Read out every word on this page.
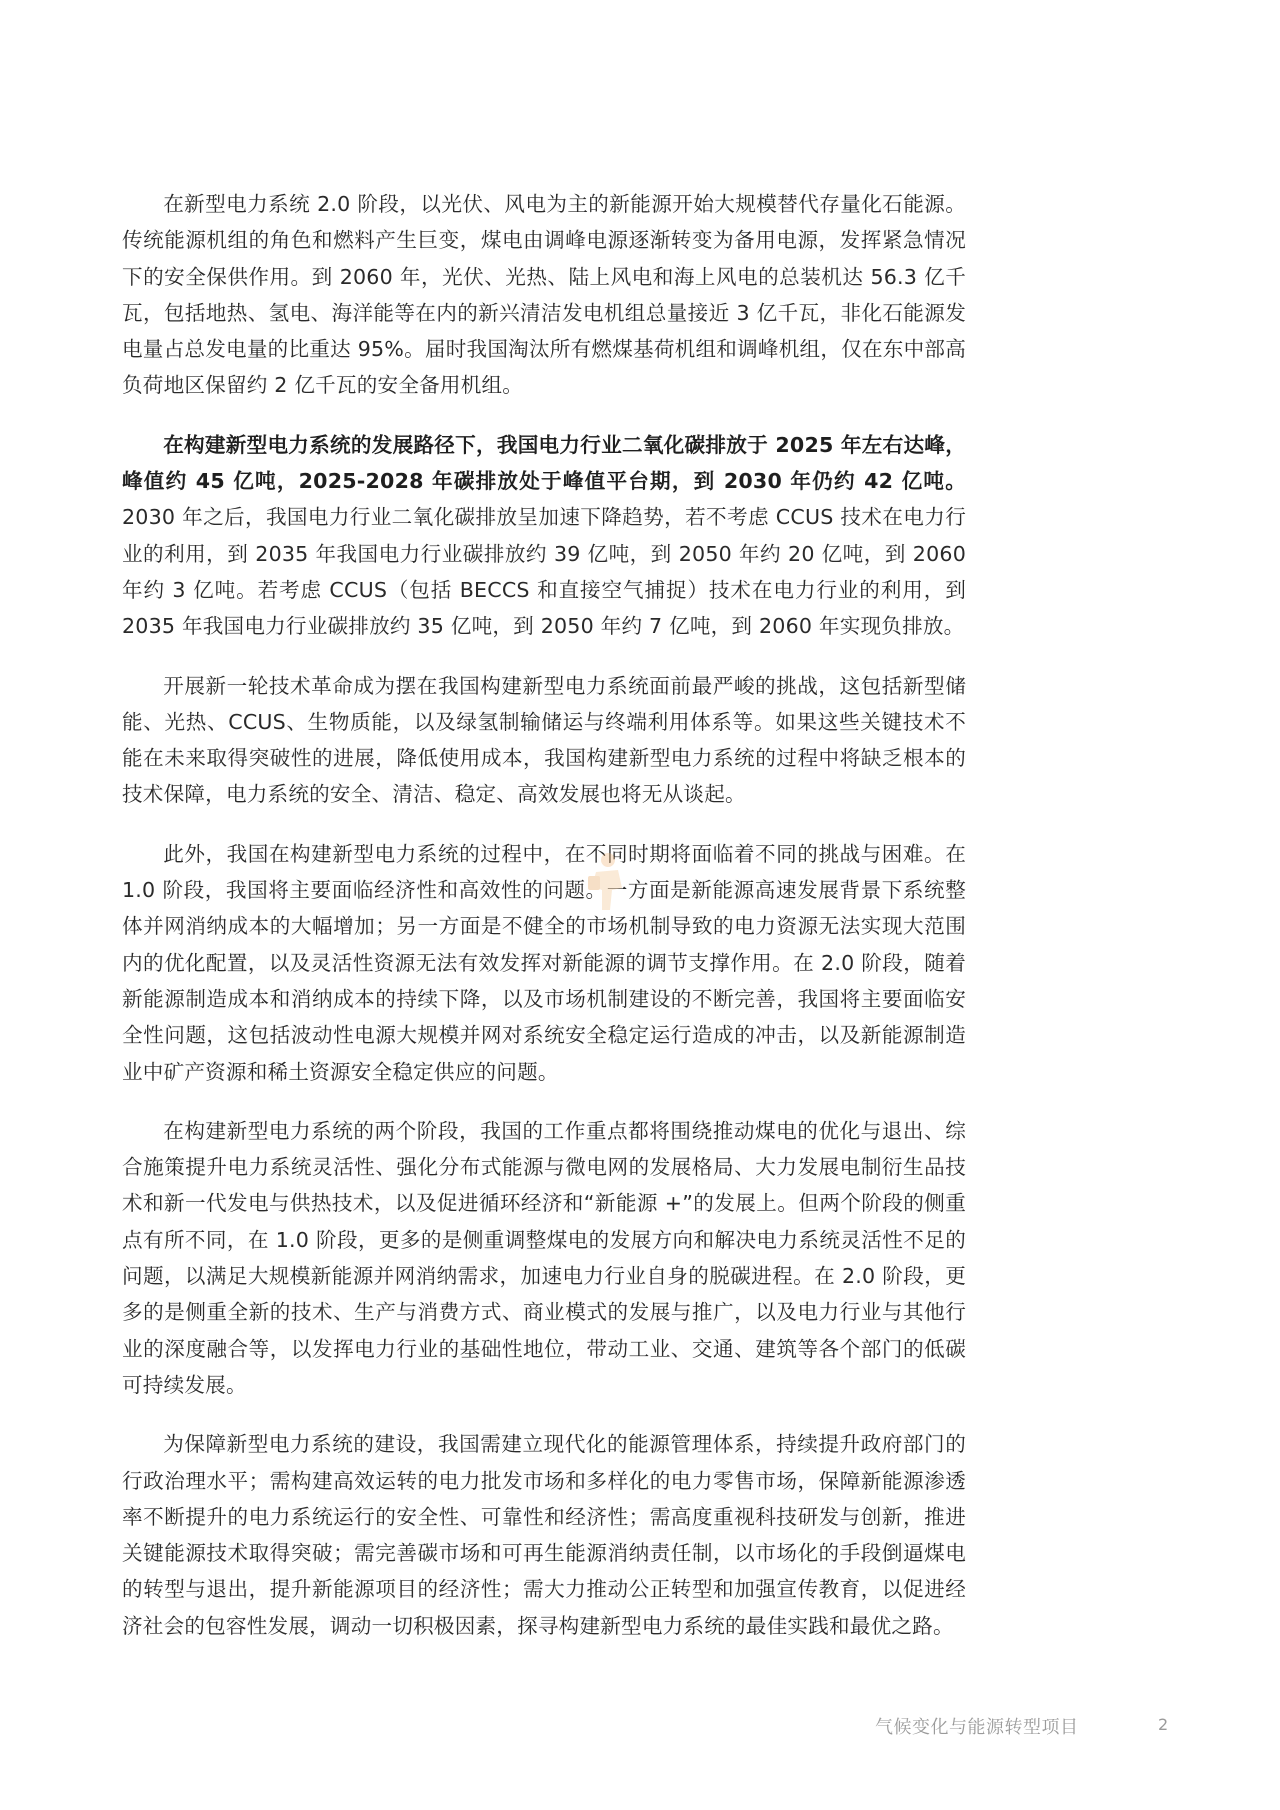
在新型电力系统 2.0 阶段，以光伏、风电为主的新能源开始大规模替代存量化石能源。传统能源机组的角色和燃料产生巨变，煤电由调峰电源逐渐转变为备用电源，发挥紧急情况下的安全保供作用。到 2060 年，光伏、光热、陆上风电和海上风电的总装机达 56.3 亿千瓦，包括地热、氢电、海洋能等在内的新兴清洁发电机组总量接近 3 亿千瓦，非化石能源发电量占总发电量的比重达 95%。届时我国淘汰所有燃煤基荷机组和调峰机组，仅在东中部高负荷地区保留约 2 亿千瓦的安全备用机组。

在构建新型电力系统的发展路径下，我国电力行业二氧化碳排放于 2025 年左右达峰，峰值约 45 亿吨，2025-2028 年碳排放处于峰值平台期，到 2030 年仍约 42 亿吨。2030 年之后，我国电力行业二氧化碳排放呈加速下降趋势，若不考虑 CCUS 技术在电力行业的利用，到 2035 年我国电力行业碳排放约 39 亿吨，到 2050 年约 20 亿吨，到 2060 年约 3 亿吨。若考虑 CCUS（包括 BECCS 和直接空气捕捉）技术在电力行业的利用，到 2035 年我国电力行业碳排放约 35 亿吨，到 2050 年约 7 亿吨，到 2060 年实现负排放。

开展新一轮技术革命成为摆在我国构建新型电力系统面前最严峻的挑战，这包括新型储能、光热、CCUS、生物质能，以及绿氢制输储运与终端利用体系等。如果这些关键技术不能在未来取得突破性的进展，降低使用成本，我国构建新型电力系统的过程中将缺乏根本的技术保障，电力系统的安全、清洁、稳定、高效发展也将无从谈起。

此外，我国在构建新型电力系统的过程中，在不同时期将面临着不同的挑战与困难。在 1.0 阶段，我国将主要面临经济性和高效性的问题。一方面是新能源高速发展背景下系统整体并网消纳成本的大幅增加；另一方面是不健全的市场机制导致的电力资源无法实现大范围内的优化配置，以及灵活性资源无法有效发挥对新能源的调节支撑作用。在 2.0 阶段，随着新能源制造成本和消纳成本的持续下降，以及市场机制建设的不断完善，我国将主要面临安全性问题，这包括波动性电源大规模并网对系统安全稳定运行造成的冲击，以及新能源制造业中矿产资源和稀土资源安全稳定供应的问题。

在构建新型电力系统的两个阶段，我国的工作重点都将围绕推动煤电的优化与退出、综合施策提升电力系统灵活性、强化分布式能源与微电网的发展格局、大力发展电制衍生品技术和新一代发电与供热技术，以及促进循环经济和“新能源 +”的发展上。但两个阶段的侧重点有所不同，在 1.0 阶段，更多的是侧重调整煤电的发展方向和解决电力系统灵活性不足的问题，以满足大规模新能源并网消纳需求，加速电力行业自身的脱碳进程。在 2.0 阶段，更多的是侧重全新的技术、生产与消费方式、商业模式的发展与推广，以及电力行业与其他行业的深度融合等，以发挥电力行业的基础性地位，带动工业、交通、建筑等各个部门的低碳可持续发展。

为保障新型电力系统的建设，我国需建立现代化的能源管理体系，持续提升政府部门的行政治理水平；需构建高效运转的电力批发市场和多样化的电力零售市场，保障新能源渗透率不断提升的电力系统运行的安全性、可靠性和经济性；需高度重视科技研发与创新，推进关键能源技术取得突破；需完善碳市场和可再生能源消纳责任制，以市场化的手段倒逼煤电的转型与退出，提升新能源项目的经济性；需大力推动公正转型和加强宣传教育，以促进经济社会的包容性发展，调动一切积极因素，探寻构建新型电力系统的最佳实践和最优之路。

气候变化与能源转型项目	2
